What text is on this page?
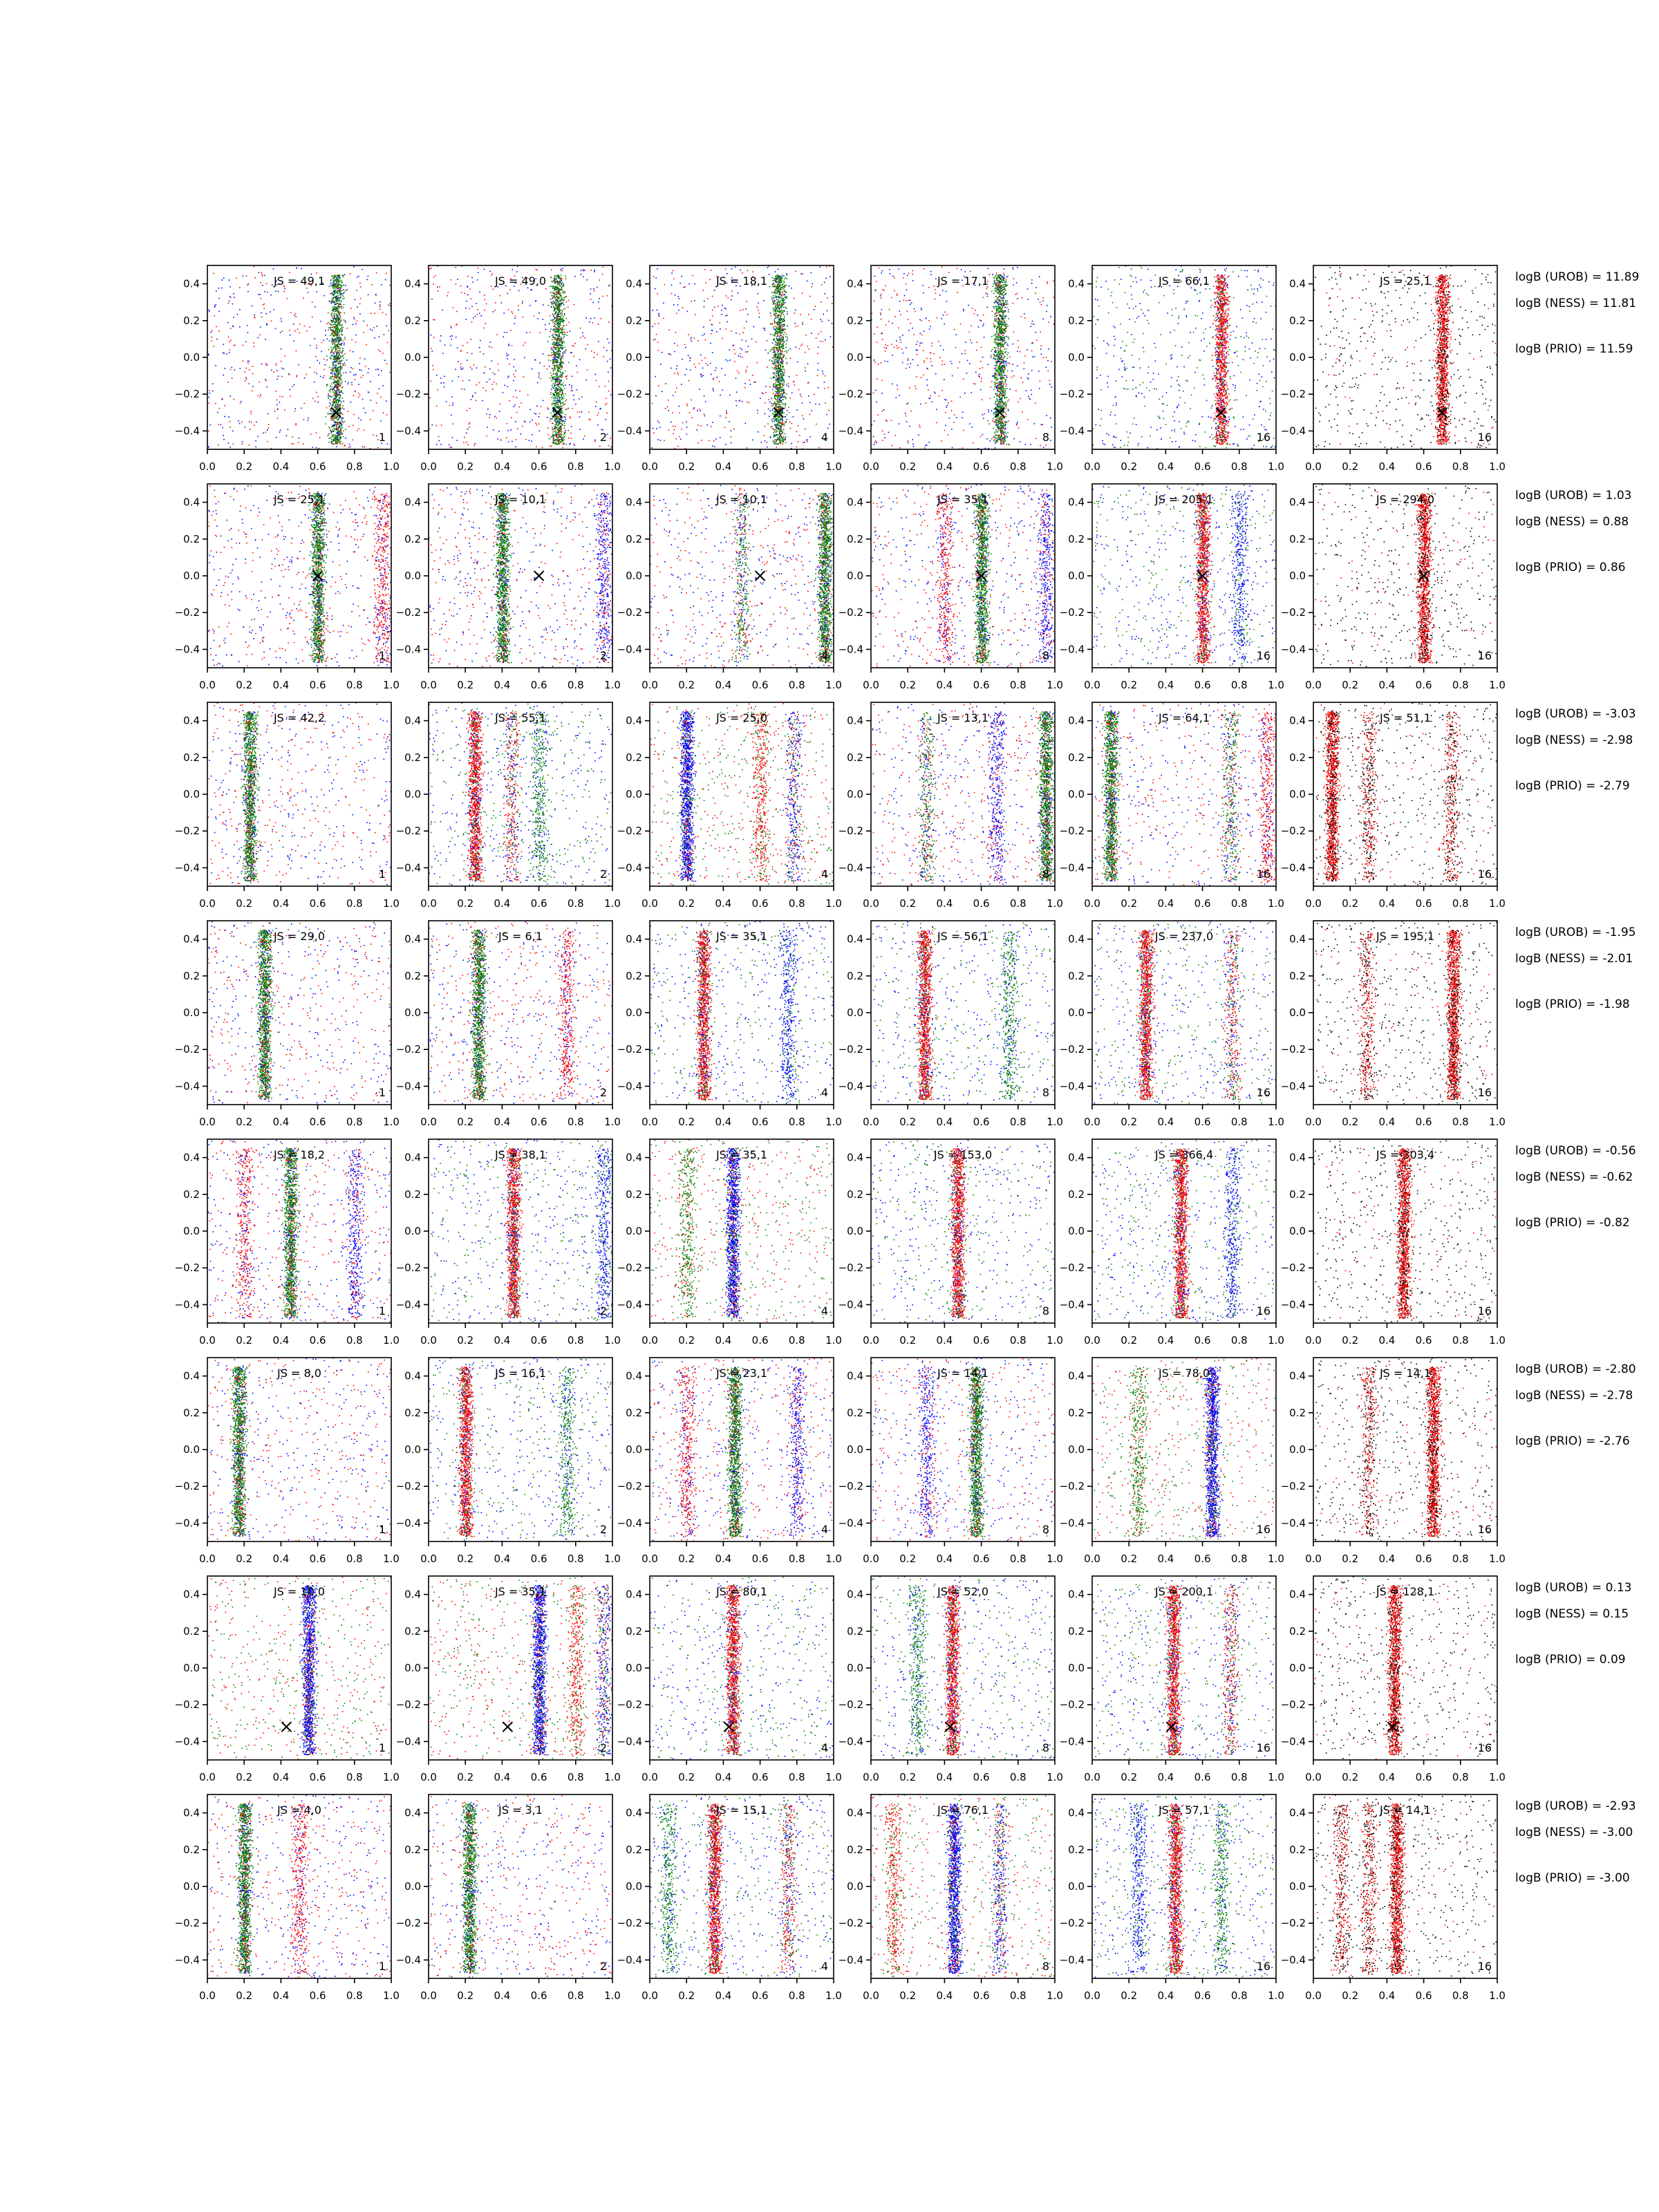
0.0 0.2 0.4 0.6 0.8 1.0
0.4
0.2
0.0
−0.2
−0.4
JS = 49,1
1
0.0 0.2 0.4 0.6 0.8 1.0
0.4
0.2
0.0
−0.2
−0.4
JS = 49,0
2
0.0 0.2 0.4 0.6 0.8 1.0
0.4
0.2
0.0
−0.2
−0.4
JS = 18,1
4
0.0 0.2 0.4 0.6 0.8 1.0
0.4
0.2
0.0
−0.2
−0.4
JS = 17,1
8
0.0 0.2 0.4 0.6 0.8 1.0
0.4
0.2
0.0
−0.2
−0.4
JS = 66,1
16
0.0 0.2 0.4 0.6 0.8 1.0
0.4
0.2
0.0
−0.2
−0.4
JS = 25,1
16
logB (UROB) = 11.89
logB (NESS) = 11.81
logB (PRIO) = 11.59
0.0 0.2 0.4 0.6 0.8 1.0
0.4
0.2
0.0
−0.2
−0.4
JS = 25,1
1
0.0 0.2 0.4 0.6 0.8 1.0
0.4
0.2
0.0
−0.2
−0.4
JS = 10,1
2
0.0 0.2 0.4 0.6 0.8 1.0
0.4
0.2
0.0
−0.2
−0.4
JS = 10,1
4
0.0 0.2 0.4 0.6 0.8 1.0
0.4
0.2
0.0
−0.2
−0.4
JS = 35,1
8
0.0 0.2 0.4 0.6 0.8 1.0
0.4
0.2
0.0
−0.2
−0.4
JS = 205,1
16
0.0 0.2 0.4 0.6 0.8 1.0
0.4
0.2
0.0
−0.2
−0.4
JS = 294,0
16
logB (UROB) = 1.03
logB (NESS) = 0.88
logB (PRIO) = 0.86
0.0 0.2 0.4 0.6 0.8 1.0
0.4
0.2
0.0
−0.2
−0.4
JS = 42,2
1
0.0 0.2 0.4 0.6 0.8 1.0
0.4
0.2
0.0
−0.2
−0.4
JS = 55,1
2
0.0 0.2 0.4 0.6 0.8 1.0
0.4
0.2
0.0
−0.2
−0.4
JS = 25,0
4
0.0 0.2 0.4 0.6 0.8 1.0
0.4
0.2
0.0
−0.2
−0.4
JS = 13,1
8
0.0 0.2 0.4 0.6 0.8 1.0
0.4
0.2
0.0
−0.2
−0.4
JS = 64,1
16
0.0 0.2 0.4 0.6 0.8 1.0
0.4
0.2
0.0
−0.2
−0.4
JS = 51,1
16
logB (UROB) = -3.03
logB (NESS) = -2.98
logB (PRIO) = -2.79
0.0 0.2 0.4 0.6 0.8 1.0
0.4
0.2
0.0
−0.2
−0.4
JS = 29,0
1
0.0 0.2 0.4 0.6 0.8 1.0
0.4
0.2
0.0
−0.2
−0.4
JS = 6,1
2
0.0 0.2 0.4 0.6 0.8 1.0
0.4
0.2
0.0
−0.2
−0.4
JS = 35,1
4
0.0 0.2 0.4 0.6 0.8 1.0
0.4
0.2
0.0
−0.2
−0.4
JS = 56,1
8
0.0 0.2 0.4 0.6 0.8 1.0
0.4
0.2
0.0
−0.2
−0.4
JS = 237,0
16
0.0 0.2 0.4 0.6 0.8 1.0
0.4
0.2
0.0
−0.2
−0.4
JS = 195,1
16
logB (UROB) = -1.95
logB (NESS) = -2.01
logB (PRIO) = -1.98
0.0 0.2 0.4 0.6 0.8 1.0
0.4
0.2
0.0
−0.2
−0.4
JS = 18,2
1
0.0 0.2 0.4 0.6 0.8 1.0
0.4
0.2
0.0
−0.2
−0.4
JS = 38,1
2
0.0 0.2 0.4 0.6 0.8 1.0
0.4
0.2
0.0
−0.2
−0.4
JS = 35,1
4
0.0 0.2 0.4 0.6 0.8 1.0
0.4
0.2
0.0
−0.2
−0.4
JS = 153,0
8
0.0 0.2 0.4 0.6 0.8 1.0
0.4
0.2
0.0
−0.2
−0.4
JS = 366,4
16
0.0 0.2 0.4 0.6 0.8 1.0
0.4
0.2
0.0
−0.2
−0.4
JS = 303,4
16
logB (UROB) = -0.56
logB (NESS) = -0.62
logB (PRIO) = -0.82
0.0 0.2 0.4 0.6 0.8 1.0
0.4
0.2
0.0
−0.2
−0.4
JS = 8,0
1
0.0 0.2 0.4 0.6 0.8 1.0
0.4
0.2
0.0
−0.2
−0.4
JS = 16,1
2
0.0 0.2 0.4 0.6 0.8 1.0
0.4
0.2
0.0
−0.2
−0.4
JS = 23,1
4
0.0 0.2 0.4 0.6 0.8 1.0
0.4
0.2
0.0
−0.2
−0.4
JS = 14,1
8
0.0 0.2 0.4 0.6 0.8 1.0
0.4
0.2
0.0
−0.2
−0.4
JS = 78,0
16
0.0 0.2 0.4 0.6 0.8 1.0
0.4
0.2
0.0
−0.2
−0.4
JS = 14,1
16
logB (UROB) = -2.80
logB (NESS) = -2.78
logB (PRIO) = -2.76
0.0 0.2 0.4 0.6 0.8 1.0
0.4
0.2
0.0
−0.2
−0.4
JS = 10,0
1
0.0 0.2 0.4 0.6 0.8 1.0
0.4
0.2
0.0
−0.2
−0.4
JS = 35,1
2
0.0 0.2 0.4 0.6 0.8 1.0
0.4
0.2
0.0
−0.2
−0.4
JS = 80,1
4
0.0 0.2 0.4 0.6 0.8 1.0
0.4
0.2
0.0
−0.2
−0.4
JS = 52,0
8
0.0 0.2 0.4 0.6 0.8 1.0
0.4
0.2
0.0
−0.2
−0.4
JS = 200,1
16
0.0 0.2 0.4 0.6 0.8 1.0
0.4
0.2
0.0
−0.2
−0.4
JS = 128,1
16
logB (UROB) = 0.13
logB (NESS) = 0.15
logB (PRIO) = 0.09
0.0 0.2 0.4 0.6 0.8 1.0
0.4
0.2
0.0
−0.2
−0.4
JS = 4,0
1
0.0 0.2 0.4 0.6 0.8 1.0
0.4
0.2
0.0
−0.2
−0.4
JS = 3,1
2
0.0 0.2 0.4 0.6 0.8 1.0
0.4
0.2
0.0
−0.2
−0.4
JS = 15,1
4
0.0 0.2 0.4 0.6 0.8 1.0
0.4
0.2
0.0
−0.2
−0.4
JS = 76,1
8
0.0 0.2 0.4 0.6 0.8 1.0
0.4
0.2
0.0
−0.2
−0.4
JS = 57,1
16
0.0 0.2 0.4 0.6 0.8 1.0
0.4
0.2
0.0
−0.2
−0.4
JS = 14,1
16
logB (UROB) = -2.93
logB (NESS) = -3.00
logB (PRIO) = -3.00
